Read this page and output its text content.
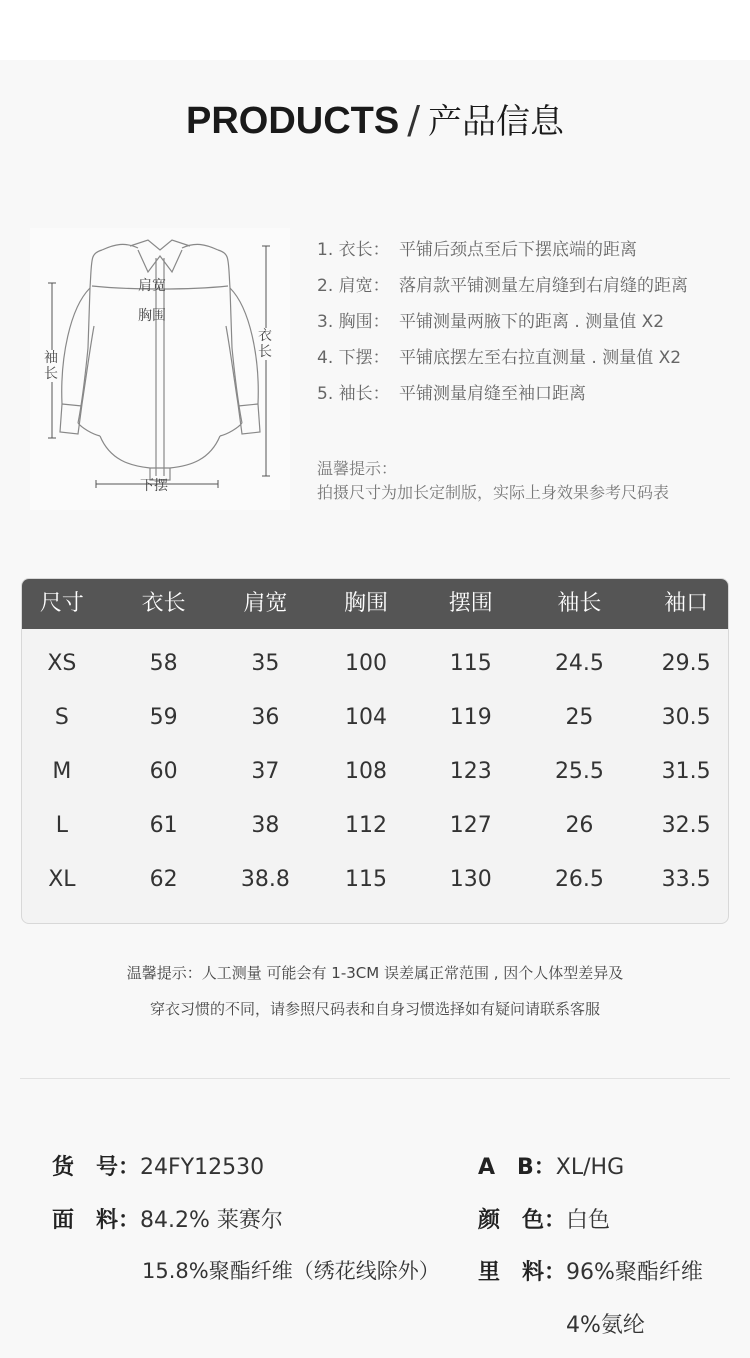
PRODUCTS / 产品信息
肩宽
胸围
下摆
袖长
衣长
1. 衣长： 平铺后颈点至后下摆底端的距离
2. 肩宽： 落肩款平铺测量左肩缝到右肩缝的距离
3. 胸围： 平铺测量两腋下的距离 . 测量值 X2
4. 下摆： 平铺底摆左至右拉直测量 . 测量值 X2
5. 袖长： 平铺测量肩缝至袖口距离
温馨提示：
拍摄尺寸为加长定制版，实际上身效果参考尺码表
尺寸	衣长	肩宽	胸围	摆围	袖长	袖口
XS	58	35	100	115	24.5	29.5
S	59	36	104	119	25	30.5
M	60	37	108	123	25.5	31.5
L	61	38	112	127	26	32.5
XL	62	38.8	115	130	26.5	33.5
温馨提示：人工测量 可能会有 1-3CM 误差属正常范围 , 因个人体型差异及
穿衣习惯的不同，请参照尺码表和自身习惯选择如有疑问请联系客服
货　号：24FY12530	A　B：XL/HG
面　料：84.2% 莱赛尔	颜　色：白色
15.8%聚酯纤维（绣花线除外） 里　料：96%聚酯纤维
4%氨纶
